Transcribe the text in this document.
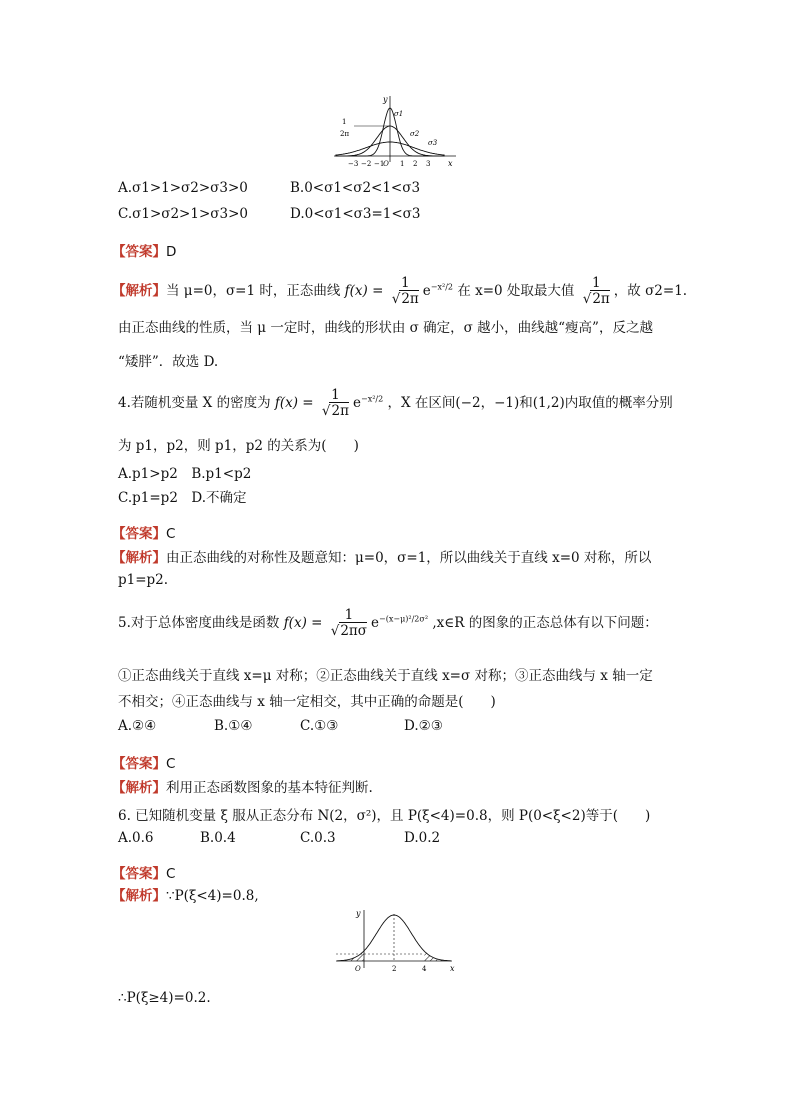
y
x
1
2π
σ1
σ2
σ3
−3 −2 −1
O 1 2 3
A.σ1>1>σ2>σ3>0	B.0<σ1<σ2<1<σ3
C.σ1>σ2>1>σ3>0	D.0<σ1<σ3=1<σ3
【答案】D
【解析】当 μ=0，σ=1 时，正态曲线 $f(x) = \frac{1}{√2\pi} e^{-x^2/2}$ 在 x=0 处取最大值 $\frac{1}{√2\pi}$ ，故 σ2=1.
由正态曲线的性质，当 μ 一定时，曲线的形状由 σ 确定，σ 越小，曲线越“瘦高”，反之越
“矮胖”．故选 D.
4.若随机变量 X 的密度为 $f(x) = \frac{1}{√2\pi} e^{-x^2/2}$ ，X 在区间(−2，−1)和(1,2)内取值的概率分别
为 p1，p2，则 p1，p2 的关系为(　　)
A.p1>p2　B.p1<p2
C.p1=p2　D.不确定
【答案】C
【解析】由正态曲线的对称性及题意知：μ=0，σ=1，所以曲线关于直线 x=0 对称，所以
p1=p2.
5.对于总体密度曲线是函数 $f(x) = \frac{1}{√2\pi\sigma} e^{-(x-\mu)^2/2\sigma^2}$ ,x∈R 的图象的正态总体有以下问题：
①正态曲线关于直线 x=μ 对称；②正态曲线关于直线 x=σ 对称；③正态曲线与 x 轴一定
不相交；④正态曲线与 x 轴一定相交，其中正确的命题是(　　)
A.②④	B.①④	C.①③	D.②③
【答案】C
【解析】利用正态函数图象的基本特征判断.
6. 已知随机变量 ξ 服从正态分布 N(2，σ²)，且 P(ξ<4)=0.8，则 P(0<ξ<2)等于(　　)
A.0.6	B.0.4	C.0.3	D.0.2
【答案】C
【解析】∵P(ξ<4)=0.8,
y
x
O	2	4
∴P(ξ≥4)=0.2.
